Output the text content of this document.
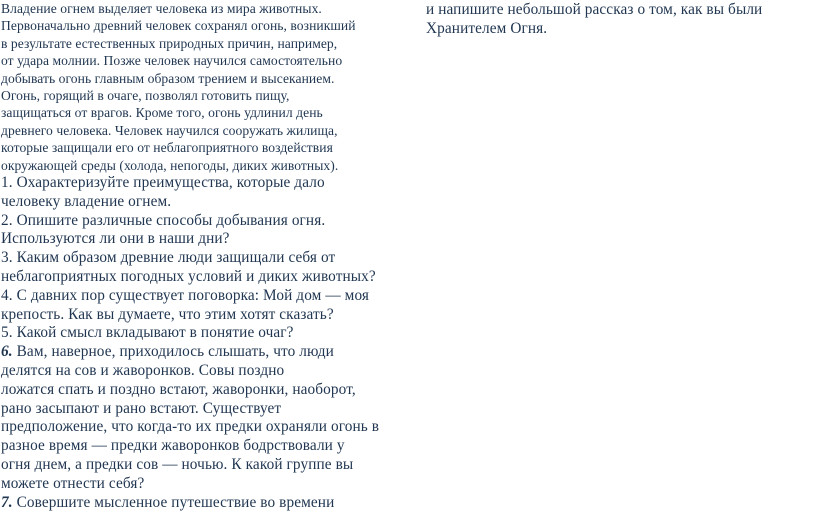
Владение огнем выделяет человека из мира животных.
Первоначально древний человек сохранял огонь, возникший
в результате естественных природных причин, например,
от удара молнии. Позже человек научился самостоятельно
добывать огонь главным образом трением и высеканием.
Огонь, горящий в очаге, позволял готовить пищу,
защищаться от врагов. Кроме того, огонь удлинил день
древнего человека. Человек научился сооружать жилища,
которые защищали его от неблагоприятного воздействия
окружающей среды (холода, непогоды, диких животных).
1. Охарактеризуйте преимущества, которые дало
человеку владение огнем.
2. Опишите различные способы добывания огня.
Используются ли они в наши дни?
3. Каким образом древние люди защищали себя от
неблагоприятных погодных условий и диких животных?
4. С давних пор существует поговорка: Мой дом — моя
крепость. Как вы думаете, что этим хотят сказать?
5. Какой смысл вкладывают в понятие очаг?
6. Вам, наверное, приходилось слышать, что люди
делятся на сов и жаворонков. Совы поздно
ложатся спать и поздно встают, жаворонки, наоборот,
рано засыпают и рано встают. Существует
предположение, что когда-то их предки охраняли огонь в
разное время — предки жаворонков бодрствовали у
огня днем, а предки сов — ночью. К какой группе вы
можете отнести себя?
7. Совершите мысленное путешествие во времени
и напишите небольшой рассказ о том, как вы были
Хранителем Огня.
